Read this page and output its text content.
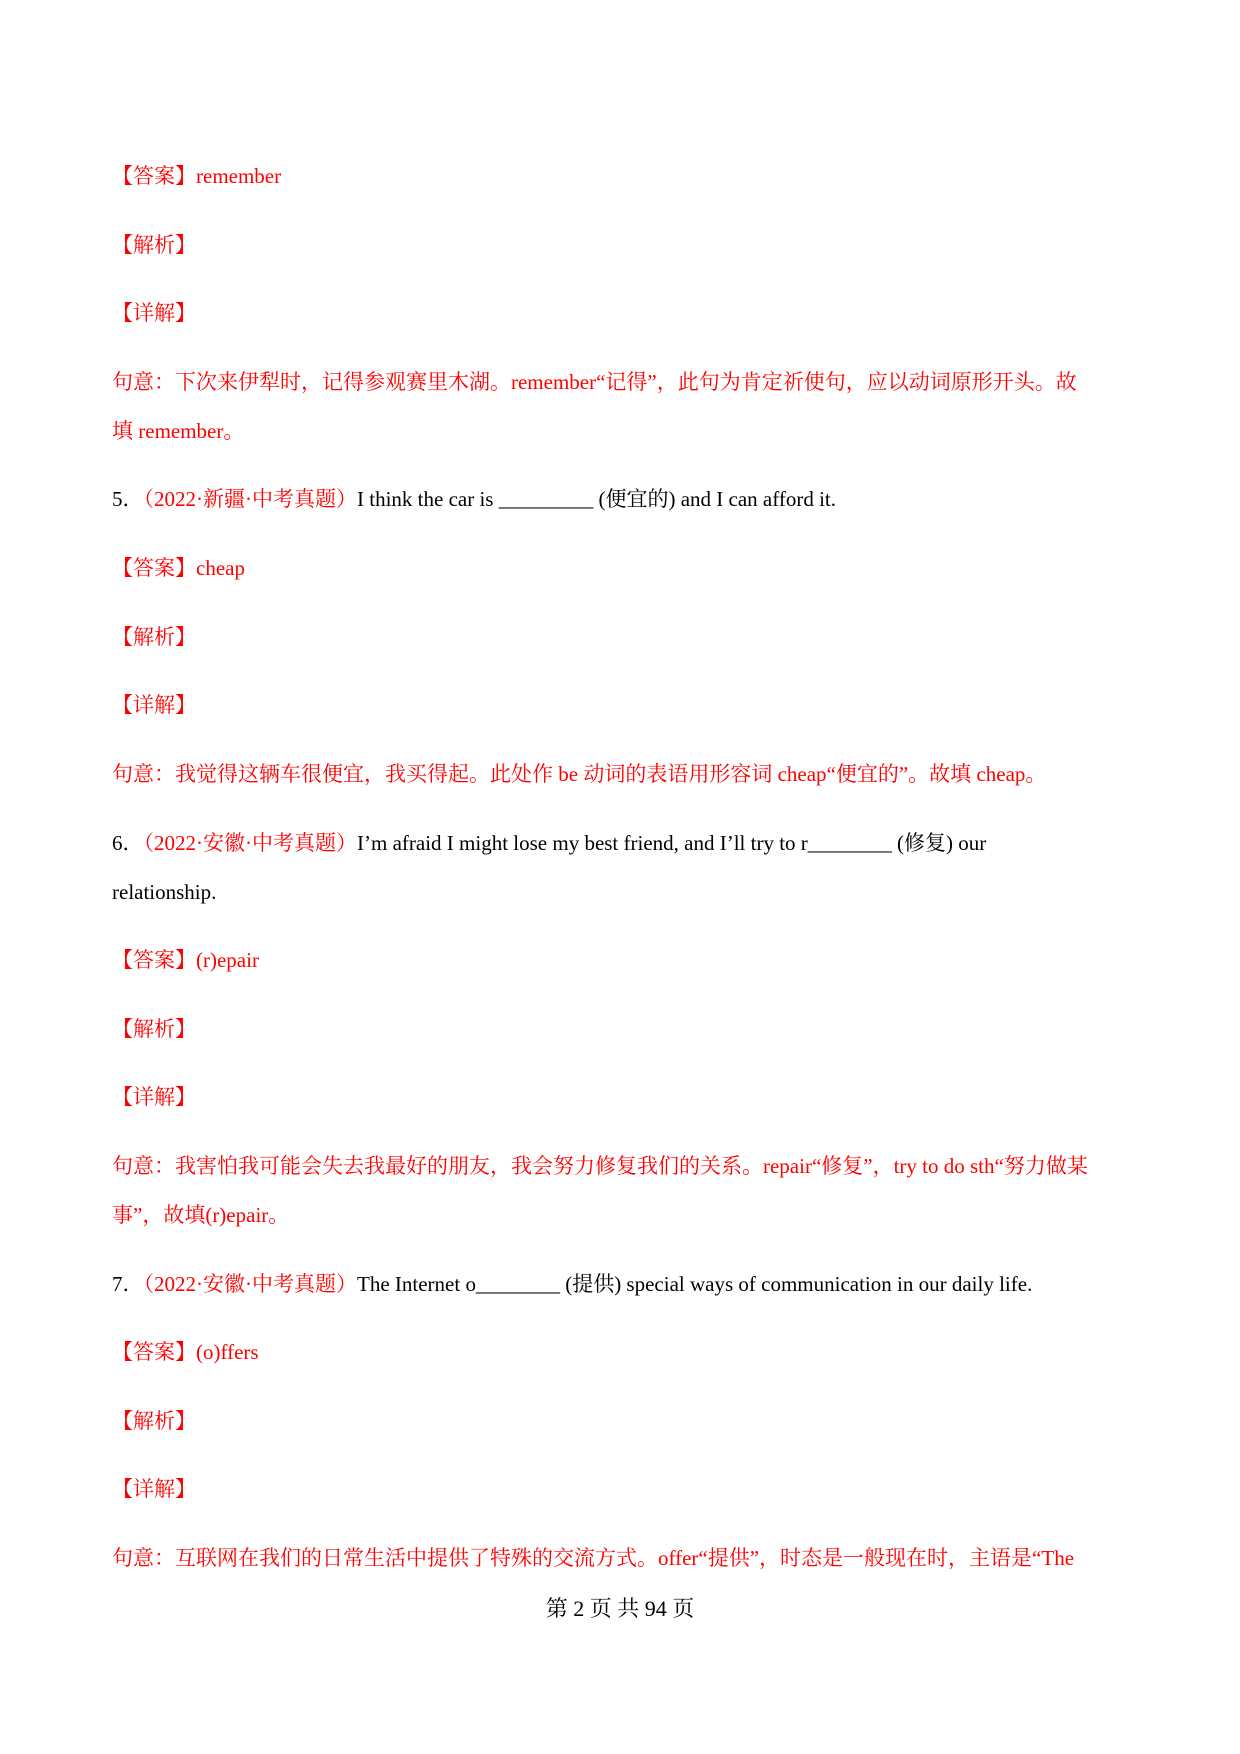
【答案】remember
【解析】
【详解】
句意：下次来伊犁时，记得参观赛里木湖。remember“记得”，此句为肯定祈使句，应以动词原形开头。故
填 remember。
5．（2022·新疆·中考真题）I think the car is _________ (便宜的) and I can afford it.
【答案】cheap
【解析】
【详解】
句意：我觉得这辆车很便宜，我买得起。此处作 be 动词的表语用形容词 cheap“便宜的”。故填 cheap。
6．（2022·安徽·中考真题）I’m afraid I might lose my best friend, and I’ll try to r________ (修复) our
relationship.
【答案】(r)epair
【解析】
【详解】
句意：我害怕我可能会失去我最好的朋友，我会努力修复我们的关系。repair“修复”，try to do sth“努力做某
事”，故填(r)epair。
7．（2022·安徽·中考真题）The Internet o________ (提供) special ways of communication in our daily life.
【答案】(o)ffers
【解析】
【详解】
句意：互联网在我们的日常生活中提供了特殊的交流方式。offer“提供”，时态是一般现在时，主语是“The
第 2 页 共 94 页
